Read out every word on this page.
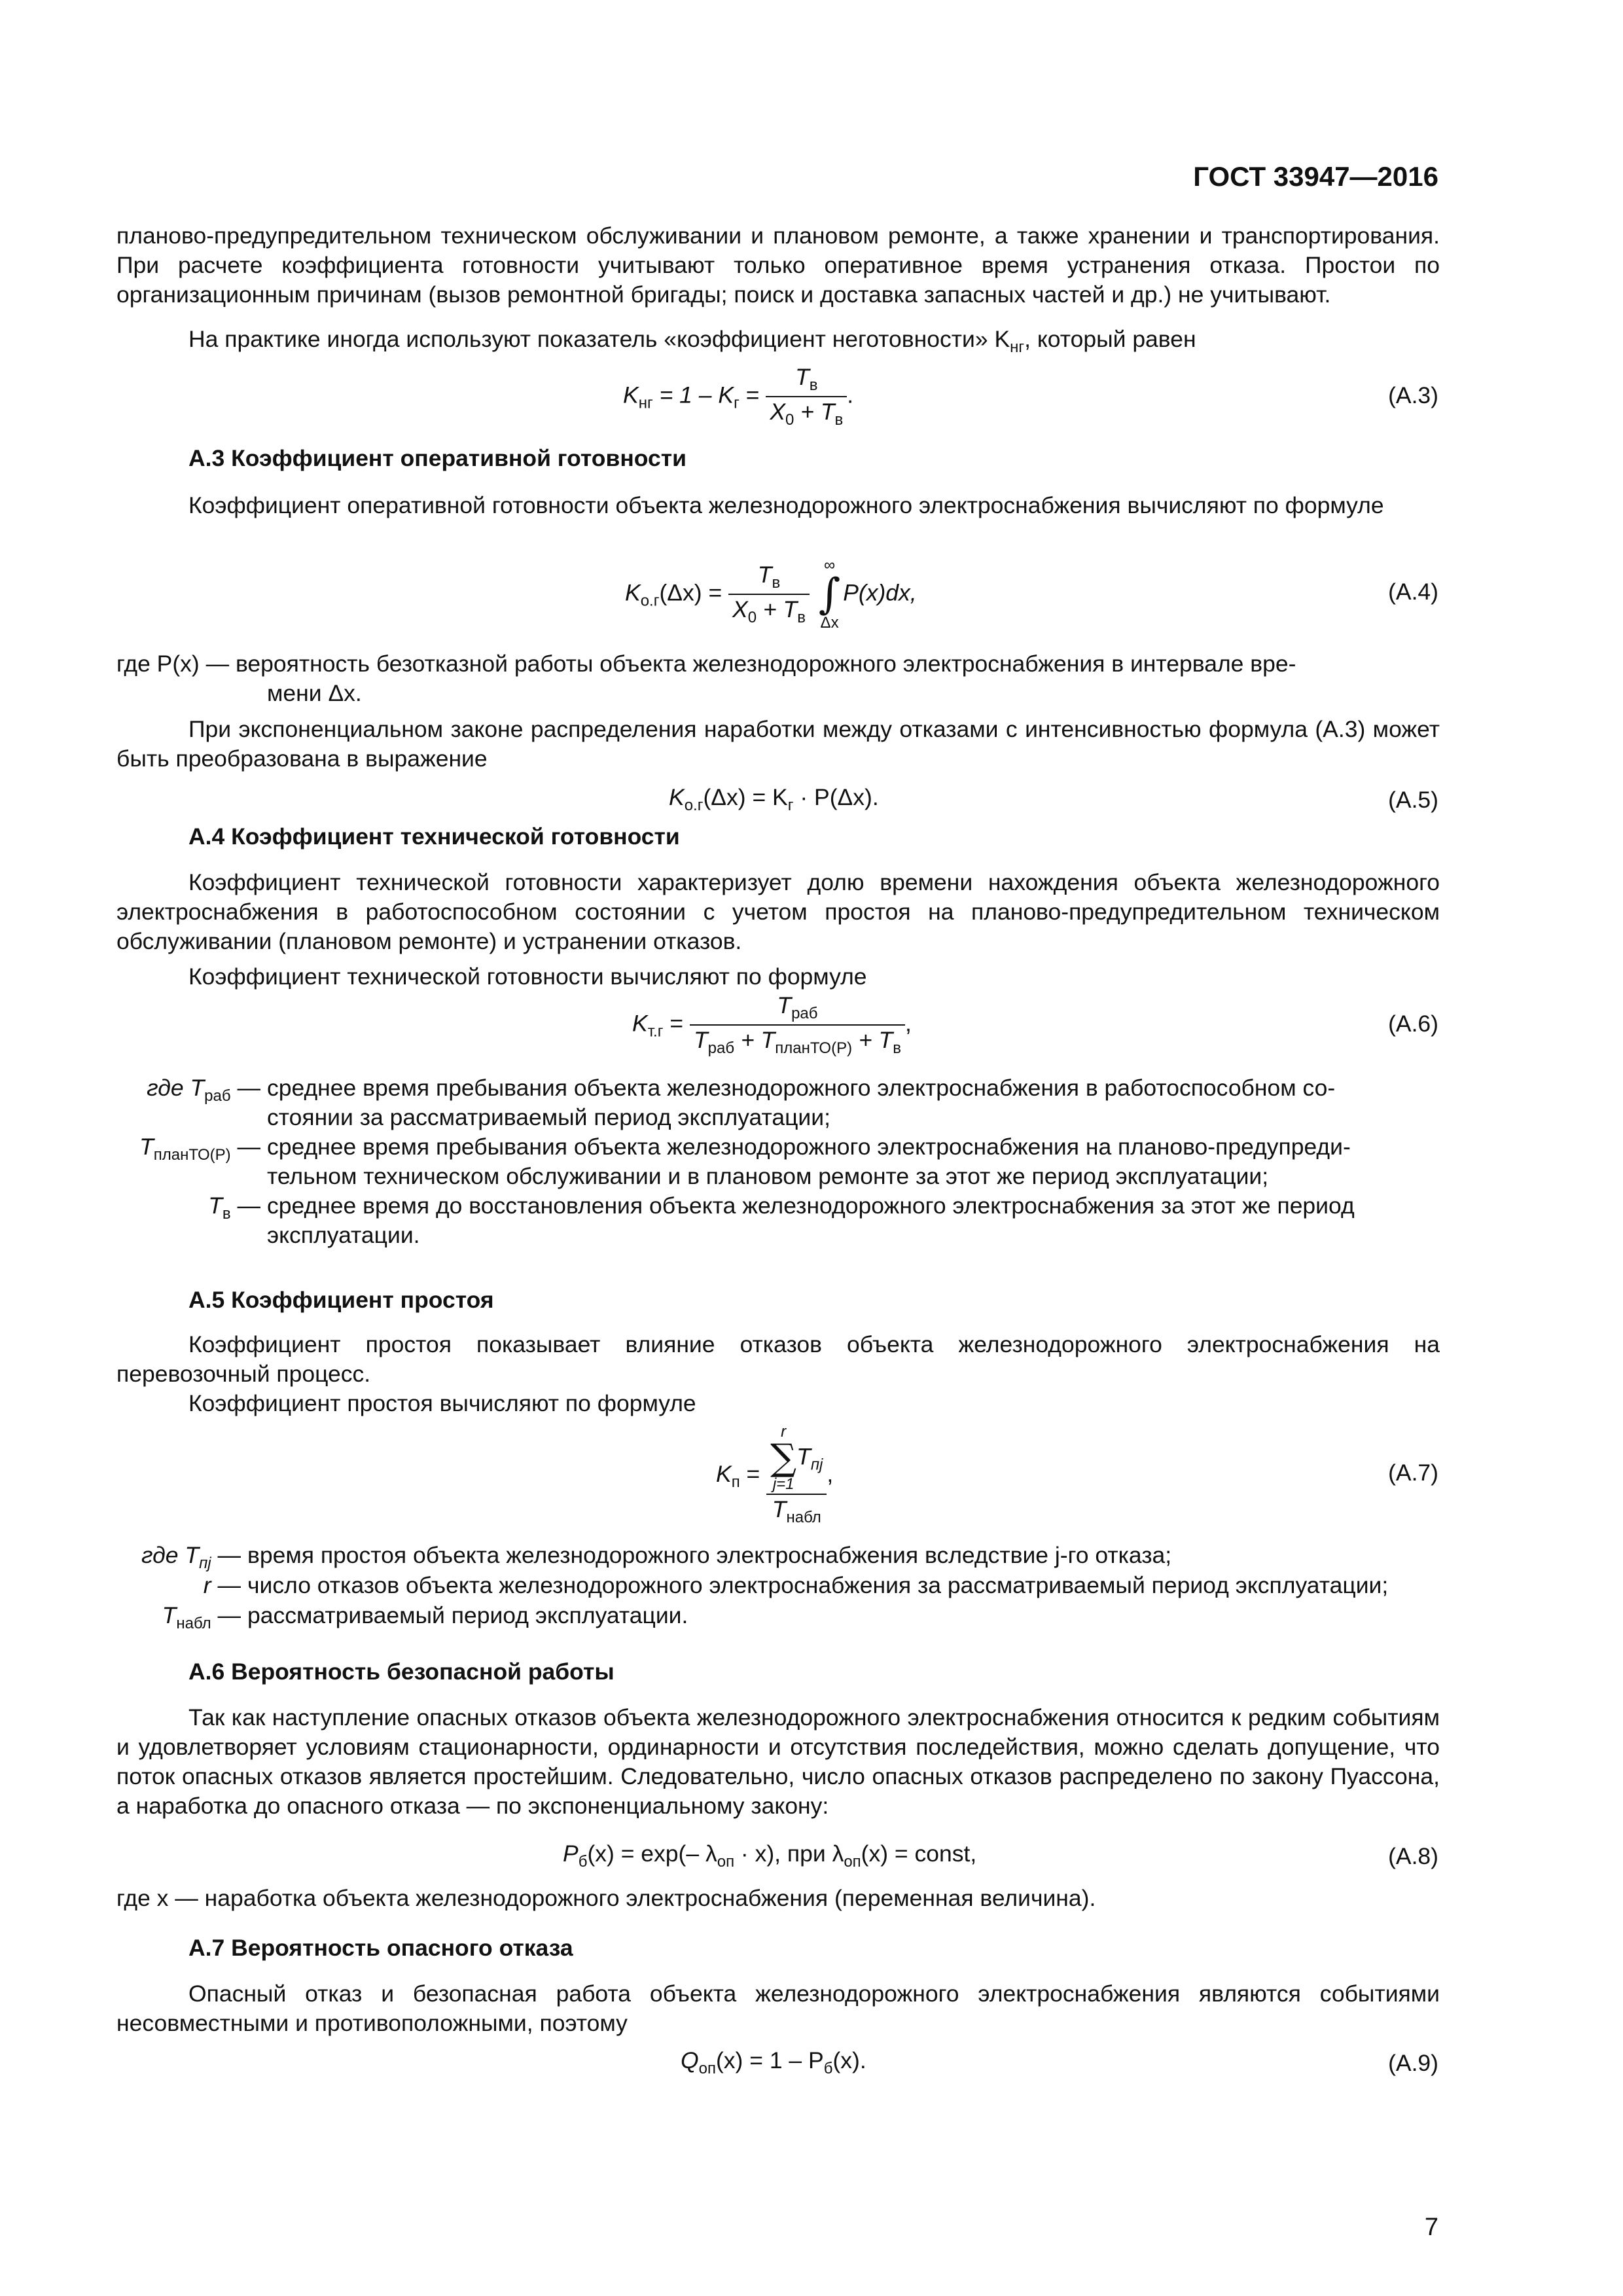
ГОСТ 33947—2016
планово-предупредительном техническом обслуживании и плановом ремонте, а также хранении и транспортирования. При расчете коэффициента готовности учитывают только оперативное время устранения отказа. Простои по организационным причинам (вызов ремонтной бригады; поиск и доставка запасных частей и др.) не учитывают.
На практике иногда используют показатель «коэффициент неготовности» $K_{нг}$, который равен
$K_{нг} = 1 - K_г = \frac{T_в}{X_0 + T_в}$ .	(А.3)
А.3 Коэффициент оперативной готовности
Коэффициент оперативной готовности объекта железнодорожного электроснабжения вычисляют по формуле
$K_{о.г}(\Delta x) = \frac{T_в}{X_0 + T_в}$
∞
∫
Δx
P(x)dx,	(А.4)
где P(x) — вероятность безотказной работы объекта железнодорожного электроснабжения в интервале вре-
мени Δx.
При экспоненциальном законе распределения наработки между отказами с интенсивностью формула (А.3) может быть преобразована в выражение
$K_{о.г}(\Delta x) = K_г \cdot P(\Delta x)$.	(А.5)
А.4 Коэффициент технической готовности
Коэффициент технической готовности характеризует долю времени нахождения объекта железнодорожного электроснабжения в работоспособном состоянии с учетом простоя на планово-предупредительном техническом обслуживании (плановом ремонте) и устранении отказов.
Коэффициент технической готовности вычисляют по формуле
$K_{т.г} = \frac{T_{раб}}{T_{раб} + T_{планТО(Р)} + T_в}$ ,	(А.6)
где $T_{раб}$ — среднее время пребывания объекта железнодорожного электроснабжения в работоспособном со-
стоянии за рассматриваемый период эксплуатации;
$T_{планТО(Р)}$ — среднее время пребывания объекта железнодорожного электроснабжения на планово-предупреди-
тельном техническом обслуживании и в плановом ремонте за этот же период эксплуатации;
$T_в$ — среднее время до восстановления объекта железнодорожного электроснабжения за этот же период
эксплуатации.
А.5 Коэффициент простоя
Коэффициент простоя показывает влияние отказов объекта железнодорожного электроснабжения на перевозочный процесс.
Коэффициент простоя вычисляют по формуле
$K_п = r$
∑
j=1
$T_{пj}$
$T_{набл}$ ,	(А.7)
где $T_{пj}$ — время простоя объекта железнодорожного электроснабжения вследствие j-го отказа;
r — число отказов объекта железнодорожного электроснабжения за рассматриваемый период эксплуатации;
$T_{набл}$ — рассматриваемый период эксплуатации.
А.6 Вероятность безопасной работы
Так как наступление опасных отказов объекта железнодорожного электроснабжения относится к редким событиям и удовлетворяет условиям стационарности, ординарности и отсутствия последействия, можно сделать допущение, что поток опасных отказов является простейшим. Следовательно, число опасных отказов распределено по закону Пуассона, а наработка до опасного отказа — по экспоненциальному закону:
$P_б(x) = \exp(-$ $\lambda_{оп} \cdot x$), при $\lambda_{оп}(x)$ = const,	(А.8)
где x — наработка объекта железнодорожного электроснабжения (переменная величина).
А.7 Вероятность опасного отказа
Опасный отказ и безопасная работа объекта железнодорожного электроснабжения являются событиями несовместными и противоположными, поэтому
$Q_{оп}(x) = 1 - P_б(x)$.	(А.9)
7
